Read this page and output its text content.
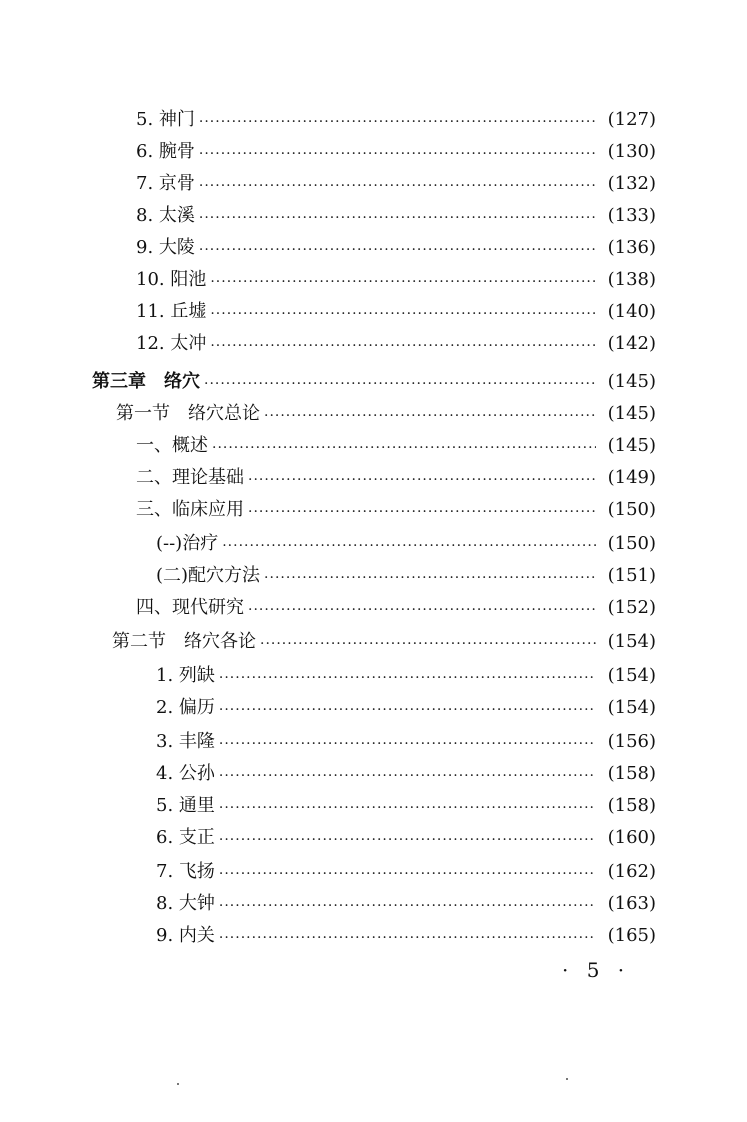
5. 神门 ·····	(127)
6. 腕骨 ·····	(130)
7. 京骨 ·····	(132)
8. 太溪 ·····	(133)
9. 大陵 ·····	(136)
10. 阳池 ·····	(138)
11. 丘墟 ·····	(140)
12. 太冲 ·····	(142)
第三章　络穴 ·····	(145)
第一节　络穴总论 ·····	(145)
一、概述 ·····	(145)
二、理论基础 ·····	(149)
三、临床应用 ·····	(150)
(--)治疗 ·····	(150)
(二)配穴方法 ·····	(151)
四、现代研究 ·····	(152)
第二节　络穴各论 ·····	(154)
1. 列缺 ·····	(154)
2. 偏历 ·····	(154)
3. 丰隆 ·····	(156)
4. 公孙 ·····	(158)
5. 通里 ·····	(158)
6. 支正 ·····	(160)
7. 飞扬 ·····	(162)
8. 大钟 ·····	(163)
9. 内关 ·····	(165)
· 5 ·
